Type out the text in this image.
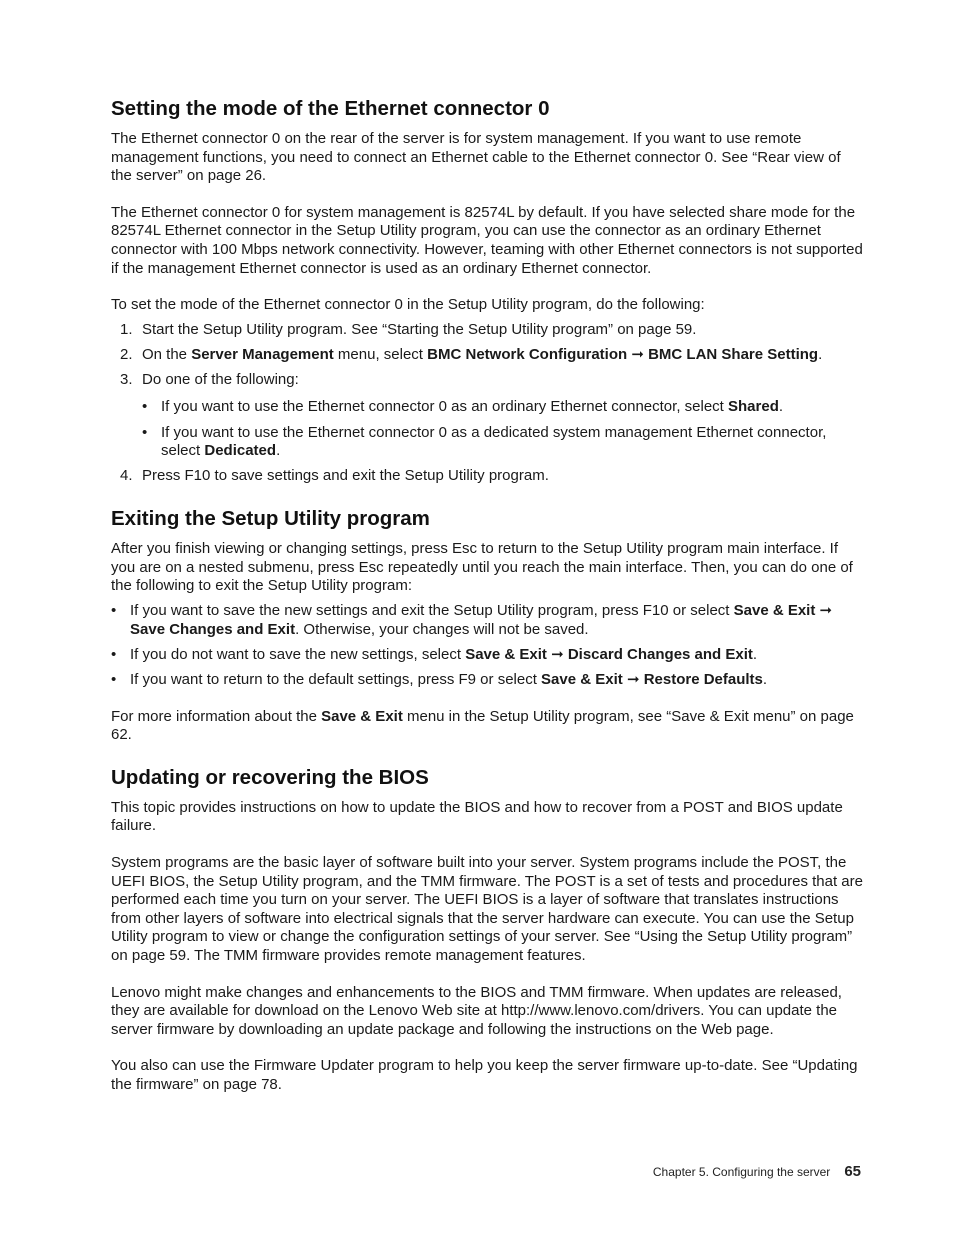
Setting the mode of the Ethernet connector 0

The Ethernet connector 0 on the rear of the server is for system management. If you want to use remote management functions, you need to connect an Ethernet cable to the Ethernet connector 0. See “Rear view of the server” on page 26.

The Ethernet connector 0 for system management is 82574L by default. If you have selected share mode for the 82574L Ethernet connector in the Setup Utility program, you can use the connector as an ordinary Ethernet connector with 100 Mbps network connectivity. However, teaming with other Ethernet connectors is not supported if the management Ethernet connector is used as an ordinary Ethernet connector.

To set the mode of the Ethernet connector 0 in the Setup Utility program, do the following:

1. Start the Setup Utility program. See “Starting the Setup Utility program” on page 59.
2. On the Server Management menu, select BMC Network Configuration ➞ BMC LAN Share Setting.
3. Do one of the following:
• If you want to use the Ethernet connector 0 as an ordinary Ethernet connector, select Shared.
• If you want to use the Ethernet connector 0 as a dedicated system management Ethernet connector, select Dedicated.
4. Press F10 to save settings and exit the Setup Utility program.
Exiting the Setup Utility program

After you finish viewing or changing settings, press Esc to return to the Setup Utility program main interface. If you are on a nested submenu, press Esc repeatedly until you reach the main interface. Then, you can do one of the following to exit the Setup Utility program:

• If you want to save the new settings and exit the Setup Utility program, press F10 or select Save & Exit ➞ Save Changes and Exit. Otherwise, your changes will not be saved.
• If you do not want to save the new settings, select Save & Exit ➞ Discard Changes and Exit.
• If you want to return to the default settings, press F9 or select Save & Exit ➞ Restore Defaults.

For more information about the Save & Exit menu in the Setup Utility program, see “Save & Exit menu” on page 62.

Updating or recovering the BIOS

This topic provides instructions on how to update the BIOS and how to recover from a POST and BIOS update failure.

System programs are the basic layer of software built into your server. System programs include the POST, the UEFI BIOS, the Setup Utility program, and the TMM firmware. The POST is a set of tests and procedures that are performed each time you turn on your server. The UEFI BIOS is a layer of software that translates instructions from other layers of software into electrical signals that the server hardware can execute. You can use the Setup Utility program to view or change the configuration settings of your server. See “Using the Setup Utility program” on page 59. The TMM firmware provides remote management features.

Lenovo might make changes and enhancements to the BIOS and TMM firmware. When updates are released, they are available for download on the Lenovo Web site at http://www.lenovo.com/drivers. You can update the server firmware by downloading an update package and following the instructions on the Web page.

You also can use the Firmware Updater program to help you keep the server firmware up-to-date. See “Updating the firmware” on page 78.

Chapter 5. Configuring the server 65
